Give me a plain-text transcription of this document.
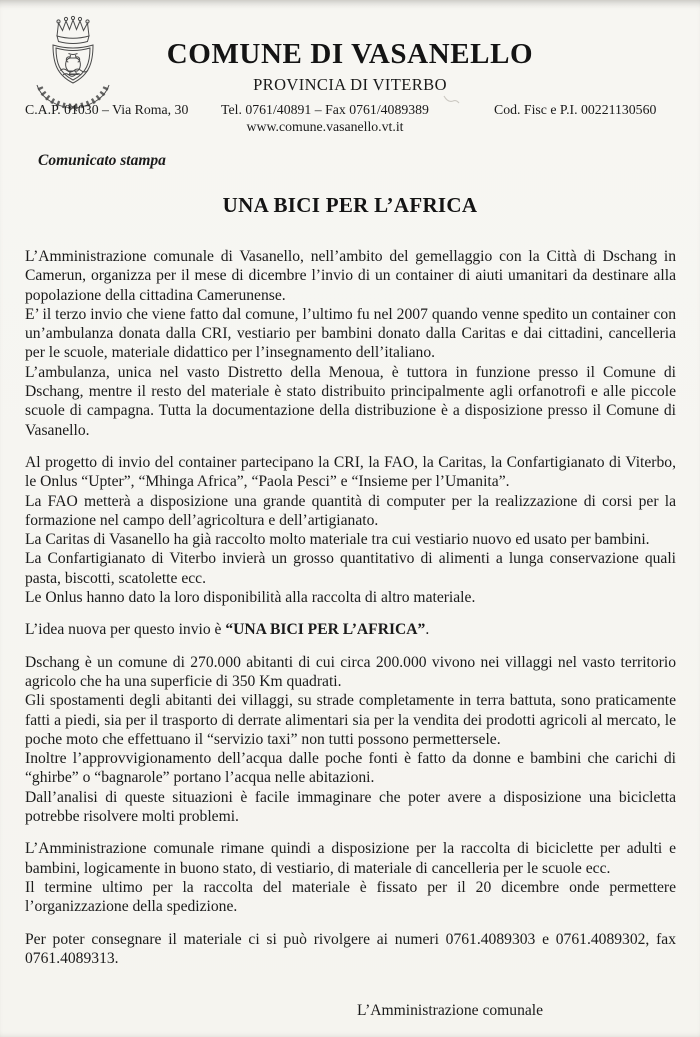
COMUNE DI VASANELLO
PROVINCIA DI VITERBO
C.A.P. 01030 – Via Roma, 30	Tel. 0761/40891 – Fax 0761/4089389
www.comune.vasanello.vt.it
Cod. Fisc e P.I. 00221130560
Comunicato stampa
UNA BICI PER L’AFRICA

L’Amministrazione comunale di Vasanello, nell’ambito del gemellaggio con la Città di Dschang in Camerun, organizza per il mese di dicembre l’invio di un container di aiuti umanitari da destinare alla popolazione della cittadina Camerunense.

E’ il terzo invio che viene fatto dal comune, l’ultimo fu nel 2007 quando venne spedito un container con un’ambulanza donata dalla CRI, vestiario per bambini donato dalla Caritas e dai cittadini, cancelleria per le scuole, materiale didattico per l’insegnamento dell’italiano.

L’ambulanza, unica nel vasto Distretto della Menoua, è tuttora in funzione presso il Comune di Dschang, mentre il resto del materiale è stato distribuito principalmente agli orfanotrofi e alle piccole scuole di campagna. Tutta la documentazione della distribuzione è a disposizione presso il Comune di Vasanello.

Al progetto di invio del container partecipano la CRI, la FAO, la Caritas, la Confartigianato di Viterbo, le Onlus “Upter”, “Mhinga Africa”, “Paola Pesci” e “Insieme per l’Umanita”.

La FAO metterà a disposizione una grande quantità di computer per la realizzazione di corsi per la formazione nel campo dell’agricoltura e dell’artigianato.

La Caritas di Vasanello ha già raccolto molto materiale tra cui vestiario nuovo ed usato per bambini.

La Confartigianato di Viterbo invierà un grosso quantitativo di alimenti a lunga conservazione quali pasta, biscotti, scatolette ecc.

Le Onlus hanno dato la loro disponibilità alla raccolta di altro materiale.

L’idea nuova per questo invio è “UNA BICI PER L’AFRICA”.

Dschang è un comune di 270.000 abitanti di cui circa 200.000 vivono nei villaggi nel vasto territorio agricolo che ha una superficie di 350 Km quadrati.

Gli spostamenti degli abitanti dei villaggi, su strade completamente in terra battuta, sono praticamente fatti a piedi, sia per il trasporto di derrate alimentari sia per la vendita dei prodotti agricoli al mercato, le poche moto che effettuano il “servizio taxi” non tutti possono permettersele.

Inoltre l’approvvigionamento dell’acqua dalle poche fonti è fatto da donne e bambini che carichi di “ghirbe” o “bagnarole” portano l’acqua nelle abitazioni.

Dall’analisi di queste situazioni è facile immaginare che poter avere a disposizione una bicicletta potrebbe risolvere molti problemi.

L’Amministrazione comunale rimane quindi a disposizione per la raccolta di biciclette per adulti e bambini, logicamente in buono stato, di vestiario, di materiale di cancelleria per le scuole ecc.

Il termine ultimo per la raccolta del materiale è fissato per il 20 dicembre onde permettere l’organizzazione della spedizione.

Per poter consegnare il materiale ci si può rivolgere ai numeri 0761.4089303 e 0761.4089302, fax 0761.4089313.

L’Amministrazione comunale
